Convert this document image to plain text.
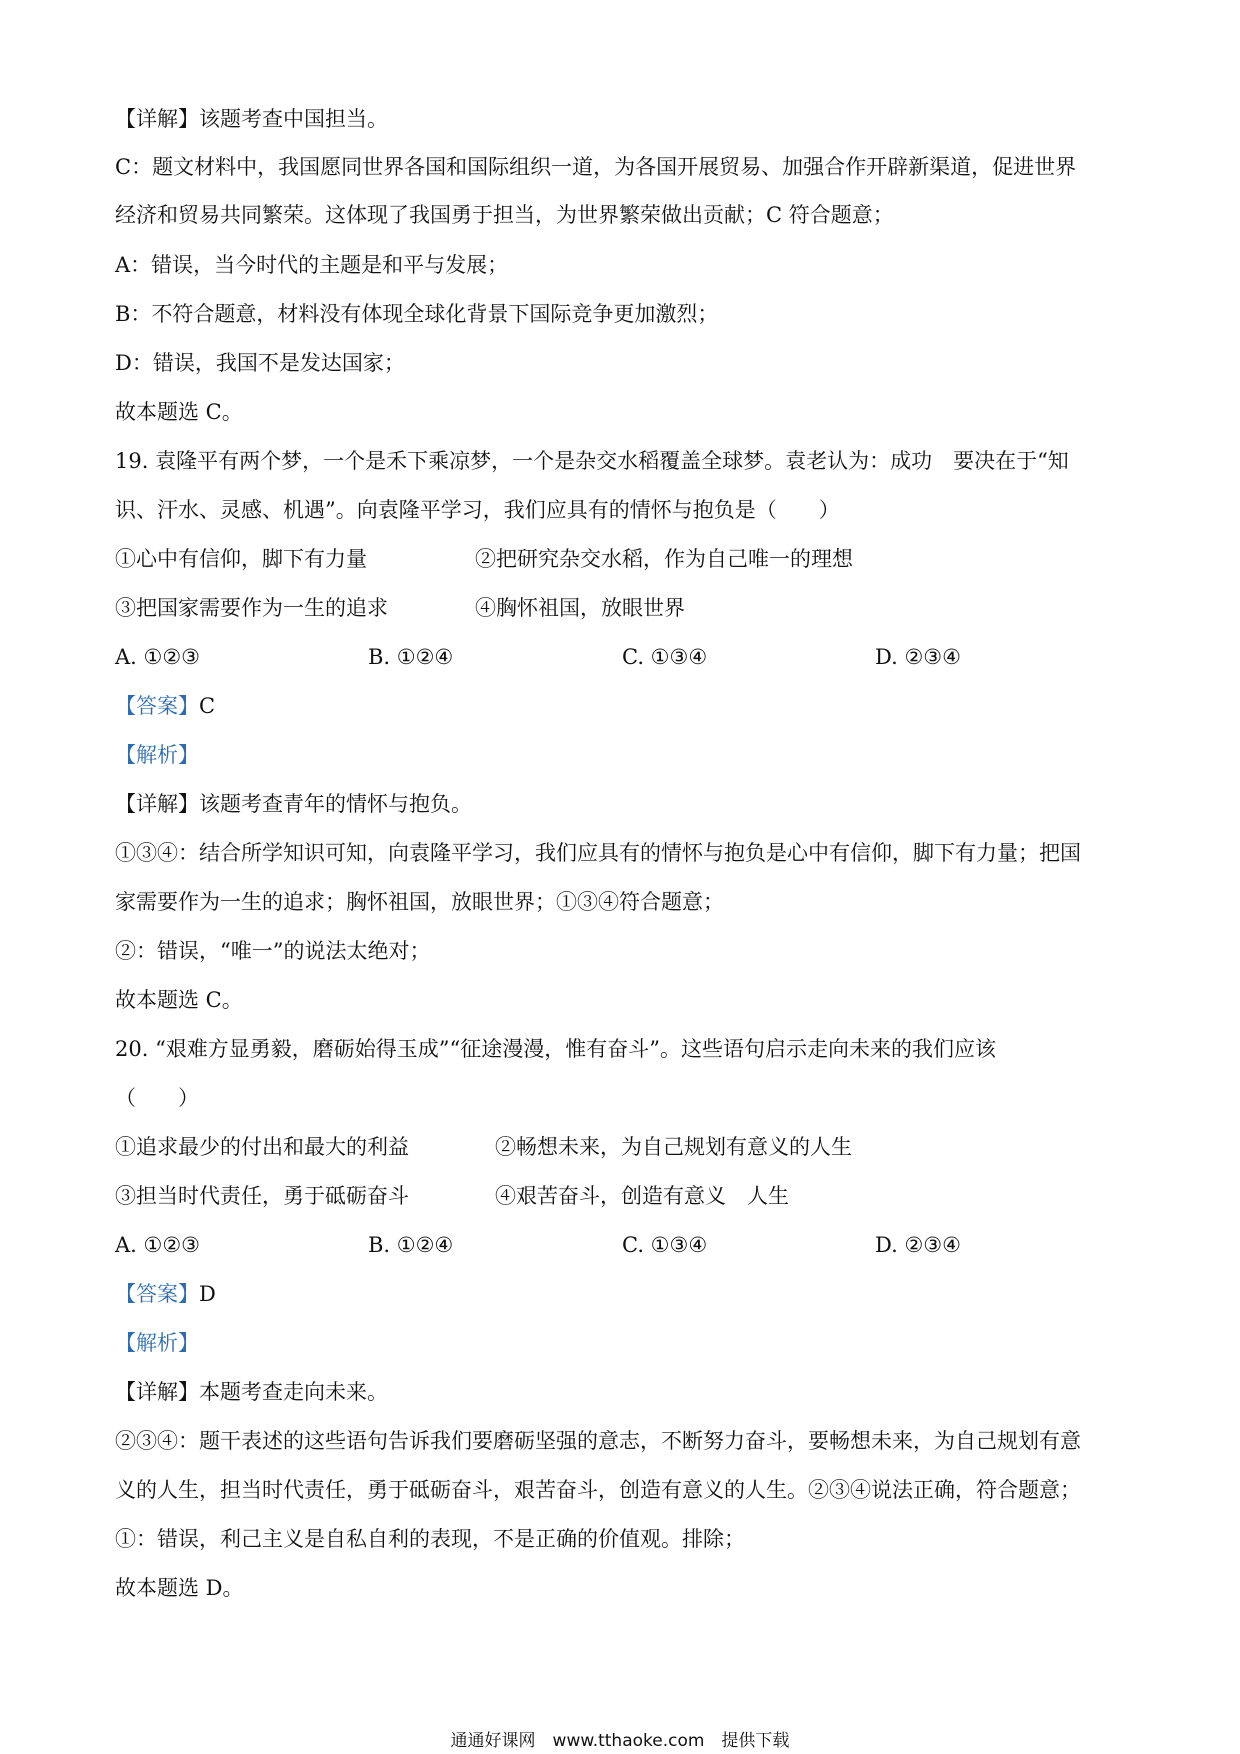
【详解】该题考查中国担当。
C：题文材料中，我国愿同世界各国和国际组织一道，为各国开展贸易、加强合作开辟新渠道，促进世界
经济和贸易共同繁荣。这体现了我国勇于担当，为世界繁荣做出贡献；C 符合题意；
A：错误，当今时代的主题是和平与发展；
B：不符合题意，材料没有体现全球化背景下国际竞争更加激烈；
D：错误，我国不是发达国家；
故本题选 C。
19. 袁隆平有两个梦，一个是禾下乘凉梦，一个是杂交水稻覆盖全球梦。袁老认为：成功　要决在于“知
识、汗水、灵感、机遇”。向袁隆平学习，我们应具有的情怀与抱负是（　　）
①心中有信仰，脚下有力量	②把研究杂交水稻，作为自己唯一的理想
③把国家需要作为一生的追求	④胸怀祖国，放眼世界
A. ①②③	B. ①②④	C. ①③④	D. ②③④
【答案】C
【解析】
【详解】该题考查青年的情怀与抱负。
①③④：结合所学知识可知，向袁隆平学习，我们应具有的情怀与抱负是心中有信仰，脚下有力量；把国
家需要作为一生的追求；胸怀祖国，放眼世界；①③④符合题意；
②：错误，“唯一”的说法太绝对；
故本题选 C。
20. “艰难方显勇毅，磨砺始得玉成”“征途漫漫，惟有奋斗”。这些语句启示走向未来的我们应该
（　　）
①追求最少的付出和最大的利益	②畅想未来，为自己规划有意义的人生
③担当时代责任，勇于砥砺奋斗	④艰苦奋斗，创造有意义　人生
A. ①②③	B. ①②④	C. ①③④	D. ②③④
【答案】D
【解析】
【详解】本题考查走向未来。
②③④：题干表述的这些语句告诉我们要磨砺坚强的意志，不断努力奋斗，要畅想未来，为自己规划有意
义的人生，担当时代责任，勇于砥砺奋斗，艰苦奋斗，创造有意义的人生。②③④说法正确，符合题意；
①：错误，利己主义是自私自利的表现，不是正确的价值观。排除；
故本题选 D。
通通好课网　www.tthaoke.com　提供下载
